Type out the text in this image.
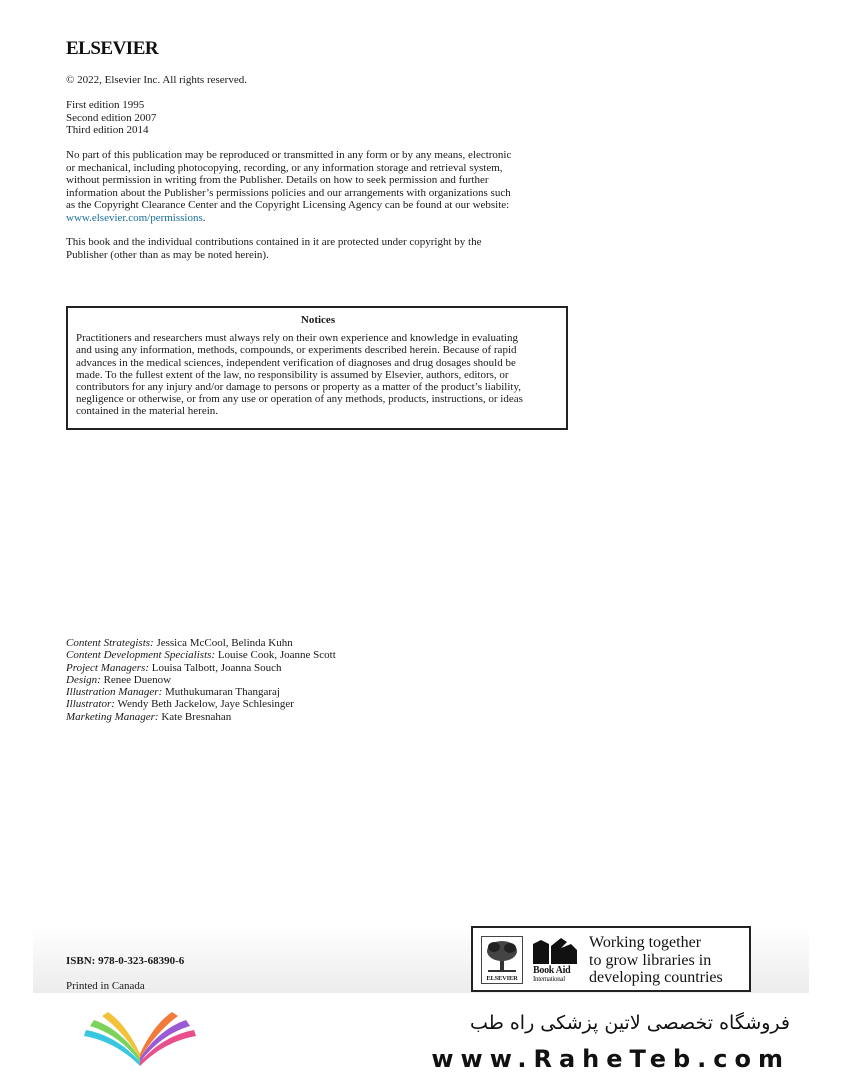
ELSEVIER
© 2022, Elsevier Inc. All rights reserved.
First edition 1995
Second edition 2007
Third edition 2014
No part of this publication may be reproduced or transmitted in any form or by any means, electronic
or mechanical, including photocopying, recording, or any information storage and retrieval system,
without permission in writing from the Publisher. Details on how to seek permission and further
information about the Publisher’s permissions policies and our arrangements with organizations such
as the Copyright Clearance Center and the Copyright Licensing Agency can be found at our website:
www.elsevier.com/permissions.
This book and the individual contributions contained in it are protected under copyright by the
Publisher (other than as may be noted herein).
Notices
Practitioners and researchers must always rely on their own experience and knowledge in evaluating
and using any information, methods, compounds, or experiments described herein. Because of rapid
advances in the medical sciences, independent verification of diagnoses and drug dosages should be
made. To the fullest extent of the law, no responsibility is assumed by Elsevier, authors, editors, or
contributors for any injury and/or damage to persons or property as a matter of the product’s liability,
negligence or otherwise, or from any use or operation of any methods, products, instructions, or ideas
contained in the material herein.
Content Strategists: Jessica McCool, Belinda Kuhn
Content Development Specialists: Louise Cook, Joanne Scott
Project Managers: Louisa Talbott, Joanna Souch
Design: Renee Duenow
Illustration Manager: Muthukumaran Thangaraj
Illustrator: Wendy Beth Jackelow, Jaye Schlesinger
Marketing Manager: Kate Bresnahan
ISBN: 978-0-323-68390-6
Printed in Canada
ELSEVIER
Book Aid
International
Working together
to grow libraries in
developing countries
فروشگاه تخصصی لاتین پزشکی راه طب
www.RaheTeb.com
